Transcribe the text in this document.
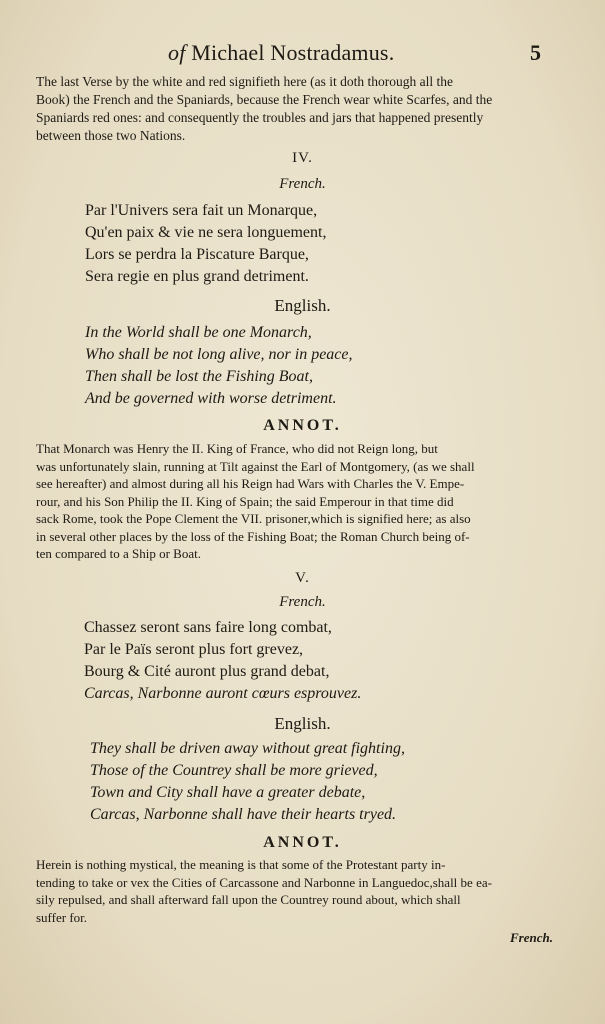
of Michael Nostradamus.	5
The last Verse by the white and red signifieth here (as it doth thorough all the
Book) the French and the Spaniards, because the French wear white Scarfes, and the
Spaniards red ones: and consequently the troubles and jars that happened presently
between those two Nations.
IV.
French.
Par l'Univers sera fait un Monarque,
Qu'en paix & vie ne sera longuement,
Lors se perdra la Piscature Barque,
Sera regie en plus grand detriment.
English.
In the World shall be one Monarch,
Who shall be not long alive, nor in peace,
Then shall be lost the Fishing Boat,
And be governed with worse detriment.
ANNOT.
That Monarch was Henry the II. King of France, who did not Reign long, but
was unfortunately slain, running at Tilt against the Earl of Montgomery, (as we shall
see hereafter) and almost during all his Reign had Wars with Charles the V. Empe-
rour, and his Son Philip the II. King of Spain; the said Emperour in that time did
sack Rome, took the Pope Clement the VII. prisoner,which is signified here; as also
in several other places by the loss of the Fishing Boat; the Roman Church being of-
ten compared to a Ship or Boat.
V.
French.
Chassez seront sans faire long combat,
Par le Païs seront plus fort grevez,
Bourg & Cité auront plus grand debat,
Carcas, Narbonne auront cœurs esprouvez.
English.
They shall be driven away without great fighting,
Those of the Countrey shall be more grieved,
Town and City shall have a greater debate,
Carcas, Narbonne shall have their hearts tryed.
ANNOT.
Herein is nothing mystical, the meaning is that some of the Protestant party in-
tending to take or vex the Cities of Carcassone and Narbonne in Languedoc,shall be ea-
sily repulsed, and shall afterward fall upon the Countrey round about, which shall
suffer for.
French.
